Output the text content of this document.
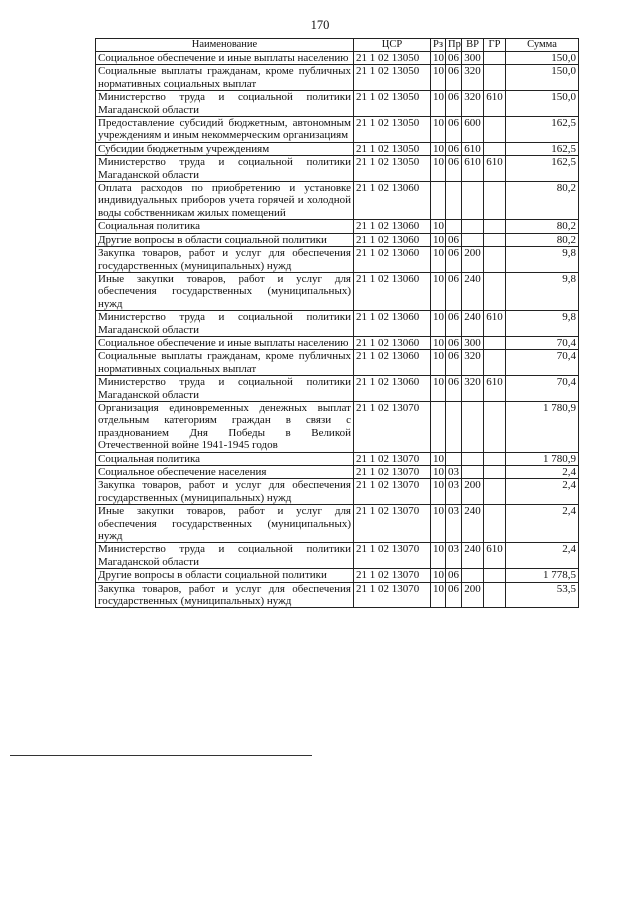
170
Наименование	ЦСР	Рз	Пр	ВР	ГР	Сумма
Социальное обеспечение и иные выплаты населению	21 1 02 13050	10	06	300		150,0
Социальные выплаты гражданам, кроме публичных нормативных социальных выплат	21 1 02 13050	10	06	320		150,0
Министерство труда и социальной политики Магаданской области	21 1 02 13050	10	06	320	610	150,0
Предоставление субсидий бюджетным, автономным учреждениям и иным некоммерческим организациям	21 1 02 13050	10	06	600		162,5
Субсидии бюджетным учреждениям	21 1 02 13050	10	06	610		162,5
Министерство труда и социальной политики Магаданской области	21 1 02 13050	10	06	610	610	162,5
Оплата расходов по приобретению и установке индивидуальных приборов учета горячей и холодной воды собственникам жилых помещений	21 1 02 13060					80,2
Социальная политика	21 1 02 13060	10				80,2
Другие вопросы в области социальной политики	21 1 02 13060	10	06			80,2
Закупка товаров, работ и услуг для обеспечения государственных (муниципальных) нужд	21 1 02 13060	10	06	200		9,8
Иные закупки товаров, работ и услуг для обеспечения государственных (муниципальных) нужд	21 1 02 13060	10	06	240		9,8
Министерство труда и социальной политики Магаданской области	21 1 02 13060	10	06	240	610	9,8
Социальное обеспечение и иные выплаты населению	21 1 02 13060	10	06	300		70,4
Социальные выплаты гражданам, кроме публичных нормативных социальных выплат	21 1 02 13060	10	06	320		70,4
Министерство труда и социальной политики Магаданской области	21 1 02 13060	10	06	320	610	70,4
Организация единовременных денежных выплат отдельным категориям граждан в связи с празднованием Дня Победы в Великой Отечественной войне 1941-1945 годов	21 1 02 13070					1 780,9
Социальная политика	21 1 02 13070	10				1 780,9
Социальное обеспечение населения	21 1 02 13070	10	03			2,4
Закупка товаров, работ и услуг для обеспечения государственных (муниципальных) нужд	21 1 02 13070	10	03	200		2,4
Иные закупки товаров, работ и услуг для обеспечения государственных (муниципальных) нужд	21 1 02 13070	10	03	240		2,4
Министерство труда и социальной политики Магаданской области	21 1 02 13070	10	03	240	610	2,4
Другие вопросы в области социальной политики	21 1 02 13070	10	06			1 778,5
Закупка товаров, работ и услуг для обеспечения государственных (муниципальных) нужд	21 1 02 13070	10	06	200		53,5
